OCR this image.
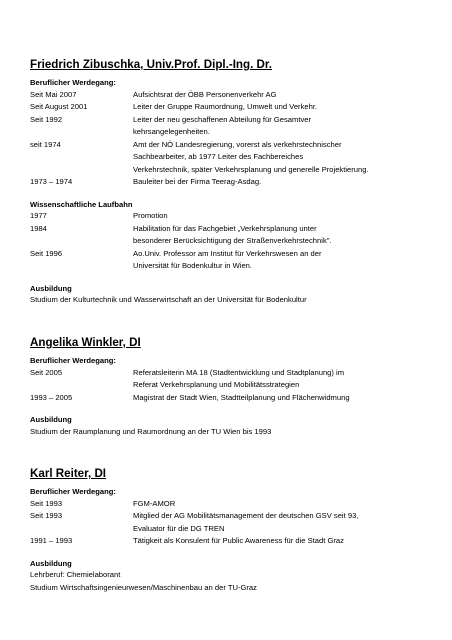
Friedrich Zibuschka, Univ.Prof. Dipl.-Ing. Dr.
Beruflicher Werdegang:
Seit Mai 2007	Aufsichtsrat der ÖBB Personenverkehr AG
Seit August 2001	Leiter der Gruppe Raumordnung, Umwelt und Verkehr.
Seit 1992	Leiter der neu geschaffenen Abteilung für Gesamtver
kehrsangelegenheiten.
seit 1974	Amt der NÖ Landesregierung, vorerst als verkehrstechnischer
Sachbearbeiter, ab 1977 Leiter des Fachbereiches
Verkehrstechnik, später Verkehrsplanung und generelle Projektierung.
1973 – 1974	Bauleiter bei der Firma Teerag-Asdag.
Wissenschaftliche Laufbahn
1977	Promotion
1984	Habilitation für das Fachgebiet „Verkehrsplanung unter
besonderer Berücksichtigung der Straßenverkehrstechnik".
Seit 1996	Ao.Univ. Professor am Institut für Verkehrswesen an der
Universität für Bodenkultur in Wien.
Ausbildung
Studium der Kulturtechnik und Wasserwirtschaft an der Universität für Bodenkultur
Angelika Winkler, DI
Beruflicher Werdegang:
Seit 2005	Referatsleiterin MA 18 (Stadtentwicklung und Stadtplanung) im
Referat Verkehrsplanung und Mobilitätsstrategien
1993 – 2005	Magistrat der Stadt Wien, Stadtteilplanung und Flächenwidmung
Ausbildung
Studium der Raumplanung und Raumordnung an der TU Wien bis 1993
Karl Reiter, DI
Beruflicher Werdegang:
Seit 1993	FGM-AMOR
Seit 1993	Mitglied der AG Mobilitätsmanagement der deutschen GSV seit 93,
Evaluator für die DG TREN
1991 – 1993	Tätigkeit als Konsulent für Public Awareness für die Stadt Graz
Ausbildung
Lehrberuf: Chemielaborant
Studium Wirtschaftsingenieurwesen/Maschinenbau an der TU-Graz
